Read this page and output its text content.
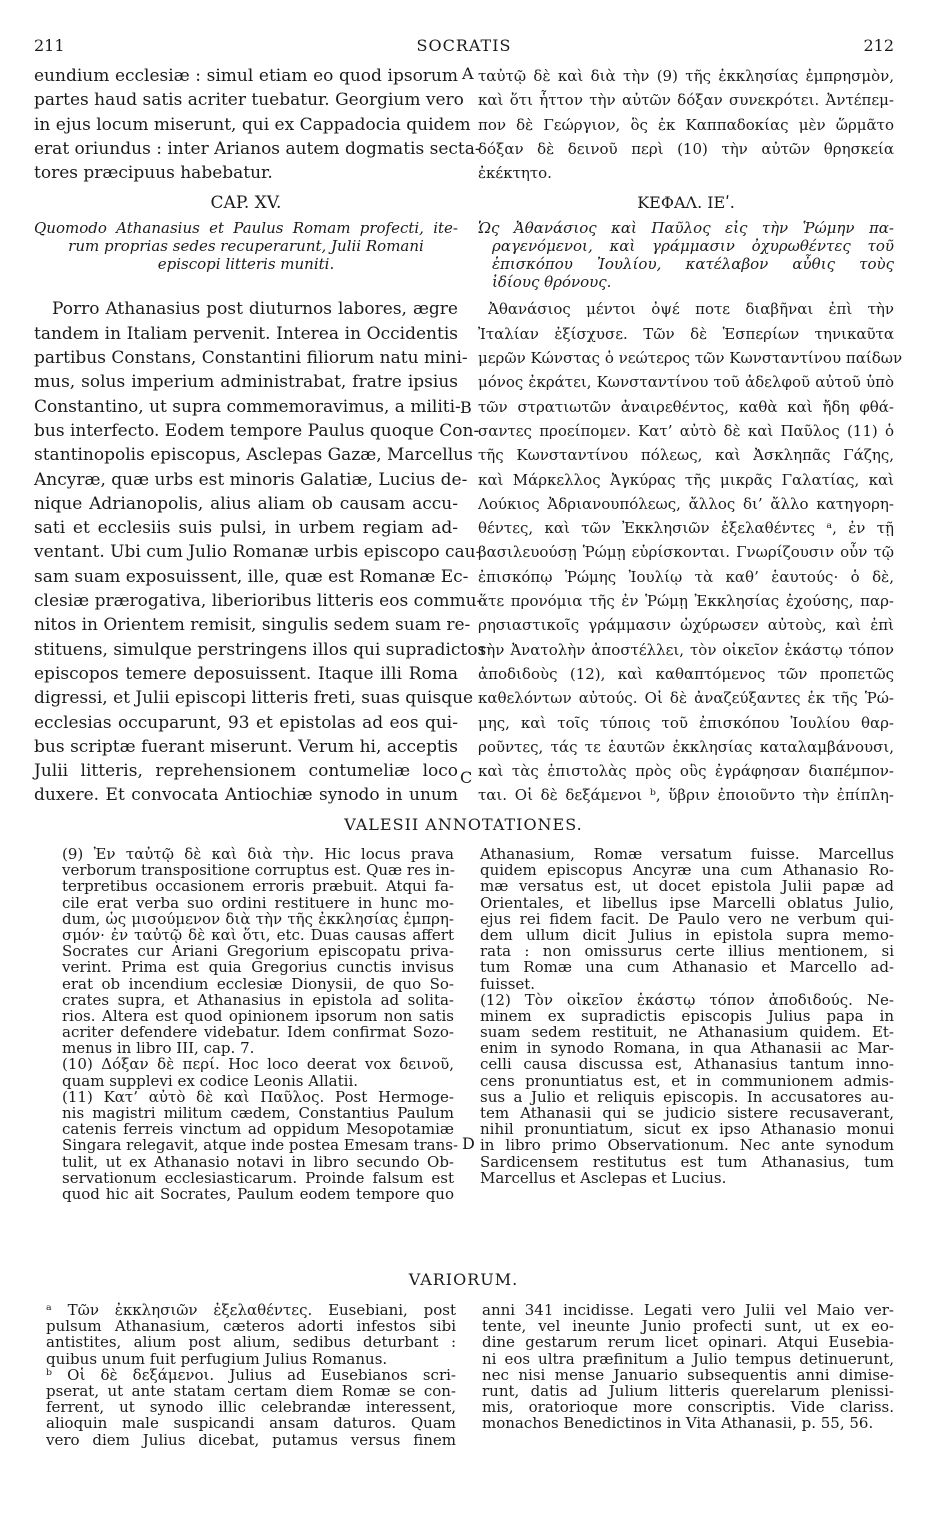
211	SOCRATIS	212
eundium ecclesiæ : simul etiam eo quod ipsorum
partes haud satis acriter tuebatur. Georgium vero
in ejus locum miserunt, qui ex Cappadocia quidem
erat oriundus : inter Arianos autem dogmatis secta-
tores præcipuus habebatur.
CAP. XV.
Quomodo Athanasius et Paulus Romam profecti, ite-
rum proprias sedes recuperarunt, Julii Romani
episcopi litteris muniti.
Porro Athanasius post diuturnos labores, ægre
tandem in Italiam pervenit. Interea in Occidentis
partibus Constans, Constantini filiorum natu mini-
mus, solus imperium administrabat, fratre ipsius
Constantino, ut supra commemoravimus, a militi-
bus interfecto. Eodem tempore Paulus quoque Con-
stantinopolis episcopus, Asclepas Gazæ, Marcellus
Ancyræ, quæ urbs est minoris Galatiæ, Lucius de-
nique Adrianopolis, alius aliam ob causam accu-
sati et ecclesiis suis pulsi, in urbem regiam ad-
ventant. Ubi cum Julio Romanæ urbis episcopo cau-
sam suam exposuissent, ille, quæ est Romanæ Ec-
clesiæ prærogativa, liberioribus litteris eos commu-
nitos in Orientem remisit, singulis sedem suam re-
stituens, simulque perstringens illos qui supradictos
episcopos temere deposuissent. Itaque illi Roma
digressi, et Julii episcopi litteris freti, suas quisque
ecclesias occuparunt, 93 et epistolas ad eos qui-
bus scriptæ fuerant miserunt. Verum hi, acceptis
Julii litteris, reprehensionem contumeliæ loco
duxere. Et convocata Antiochiæ synodo in unum
ταὐτῷ δὲ καὶ διὰ τὴν (9) τῆς ἐκκλησίας ἐμπρησμὸν,
καὶ ὅτι ἧττον τὴν αὐτῶν δόξαν συνεκρότει. Ἀντέπεμ-
πον δὲ Γεώργιον, ὃς ἐκ Καππαδοκίας μὲν ὥρμᾶτο
δόξαν δὲ δεινοῦ περὶ (10) τὴν αὐτῶν θρησκεία
ἐκέκτητο.
ΚΕΦΑΛ. ΙΕʹ.
Ὡς Ἀθανάσιος καὶ Παῦλος εἰς τὴν Ῥώμην πα-
ραγενόμενοι, καὶ γράμμασιν ὀχυρωθέντες τοῦ
ἐπισκόπου Ἰουλίου, κατέλαβον αὖθις τοὺς
ἰδίους θρόνους.
Ἀθανάσιος μέντοι ὀψέ ποτε διαβῆναι ἐπὶ τὴν
Ἰταλίαν ἐξίσχυσε. Τῶν δὲ Ἑσπερίων τηνικαῦτα
μερῶν Κώνστας ὁ νεώτερος τῶν Κωνσταντίνου παίδων
μόνος ἐκράτει, Κωνσταντίνου τοῦ ἀδελφοῦ αὐτοῦ ὑπὸ
τῶν στρατιωτῶν ἀναιρεθέντος, καθὰ καὶ ἤδη φθά-
σαντες προείπομεν. Κατ’ αὐτὸ δὲ καὶ Παῦλος (11) ὁ
τῆς Κωνσταντίνου πόλεως, καὶ Ἀσκληπᾶς Γάζης,
καὶ Μάρκελλος Ἀγκύρας τῆς μικρᾶς Γαλατίας, καὶ
Λούκιος Ἀδριανουπόλεως, ἄλλος δι’ ἄλλο κατηγορη-
θέντες, καὶ τῶν Ἐκκλησιῶν ἐξελαθέντες ᵃ, ἐν τῇ
βασιλευούσῃ Ῥώμῃ εὑρίσκονται. Γνωρίζουσιν οὖν τῷ
ἐπισκόπῳ Ῥώμης Ἰουλίῳ τὰ καθ’ ἑαυτούς· ὁ δὲ,
ἅτε προνόμια τῆς ἐν Ῥώμῃ Ἐκκλησίας ἐχούσης, παρ-
ρησιαστικοῖς γράμμασιν ὠχύρωσεν αὐτοὺς, καὶ ἐπὶ
τὴν Ἀνατολὴν ἀποστέλλει, τὸν οἰκεῖον ἑκάστῳ τόπον
ἀποδιδοὺς (12), καὶ καθαπτόμενος τῶν προπετῶς
καθελόντων αὐτούς. Οἱ δὲ ἀναζεύξαντες ἐκ τῆς Ῥώ-
μης, καὶ τοῖς τύποις τοῦ ἐπισκόπου Ἰουλίου θαρ-
ροῦντες, τάς τε ἑαυτῶν ἐκκλησίας καταλαμβάνουσι,
καὶ τὰς ἐπιστολὰς πρὸς οὓς ἐγράφησαν διαπέμπον-
ται. Οἱ δὲ δεξάμενοι ᵇ, ὕβριν ἐποιοῦντο τὴν ἐπίπλη-
A
B
C
D
VALESII ANNOTATIONES.
(9) Ἐν ταὐτῷ δὲ καὶ διὰ τὴν. Hic locus prava
verborum transpositione corruptus est. Quæ res in-
terpretibus occasionem erroris præbuit. Atqui fa-
cile erat verba suo ordini restituere in hunc mo-
dum, ὡς μισούμενον διὰ τὴν τῆς ἐκκλησίας ἐμπρη-
σμόν· ἐν ταὐτῷ δὲ καὶ ὅτι, etc. Duas causas affert
Socrates cur Ariani Gregorium episcopatu priva-
verint. Prima est quia Gregorius cunctis invisus
erat ob incendium ecclesiæ Dionysii, de quo So-
crates supra, et Athanasius in epistola ad solita-
rios. Altera est quod opinionem ipsorum non satis
acriter defendere videbatur. Idem confirmat Sozo-
menus in libro III, cap. 7.
(10) Δόξαν δὲ περί. Hoc loco deerat vox δεινοῦ,
quam supplevi ex codice Leonis Allatii.
(11) Κατ’ αὐτὸ δὲ καὶ Παῦλος. Post Hermoge-
nis magistri militum cædem, Constantius Paulum
catenis ferreis vinctum ad oppidum Mesopotamiæ
Singara relegavit, atque inde postea Emesam trans-
tulit, ut ex Athanasio notavi in libro secundo Ob-
servationum ecclesiasticarum. Proinde falsum est
quod hic ait Socrates, Paulum eodem tempore quo
Athanasium, Romæ versatum fuisse. Marcellus
quidem episcopus Ancyræ una cum Athanasio Ro-
mæ versatus est, ut docet epistola Julii papæ ad
Orientales, et libellus ipse Marcelli oblatus Julio,
ejus rei fidem facit. De Paulo vero ne verbum qui-
dem ullum dicit Julius in epistola supra memo-
rata : non omissurus certe illius mentionem, si
tum Romæ una cum Athanasio et Marcello ad-
fuisset.
(12) Τὸν οἰκεῖον ἑκάστῳ τόπον ἀποδιδούς. Ne-
minem ex supradictis episcopis Julius papa in
suam sedem restituit, ne Athanasium quidem. Et-
enim in synodo Romana, in qua Athanasii ac Mar-
celli causa discussa est, Athanasius tantum inno-
cens pronuntiatus est, et in communionem admis-
sus a Julio et reliquis episcopis. In accusatores au-
tem Athanasii qui se judicio sistere recusaverant,
nihil pronuntiatum, sicut ex ipso Athanasio monui
in libro primo Observationum. Nec ante synodum
Sardicensem restitutus est tum Athanasius, tum
Marcellus et Asclepas et Lucius.
VARIORUM.
ᵃ Τῶν ἐκκλησιῶν ἐξελαθέντες. Eusebiani, post
pulsum Athanasium, cæteros adorti infestos sibi
antistites, alium post alium, sedibus deturbant :
quibus unum fuit perfugium Julius Romanus.
ᵇ Οἱ δὲ δεξάμενοι. Julius ad Eusebianos scri-
pserat, ut ante statam certam diem Romæ se con-
ferrent, ut synodo illic celebrandæ interessent,
alioquin male suspicandi ansam daturos. Quam
vero diem Julius dicebat, putamus versus finem
anni 341 incidisse. Legati vero Julii vel Maio ver-
tente, vel ineunte Junio profecti sunt, ut ex eo-
dine gestarum rerum licet opinari. Atqui Eusebia-
ni eos ultra præfinitum a Julio tempus detinuerunt,
nec nisi mense Januario subsequentis anni dimise-
runt, datis ad Julium litteris querelarum plenissi-
mis, oratorioque more conscriptis. Vide clariss.
monachos Benedictinos in Vita Athanasii, p. 55, 56.
